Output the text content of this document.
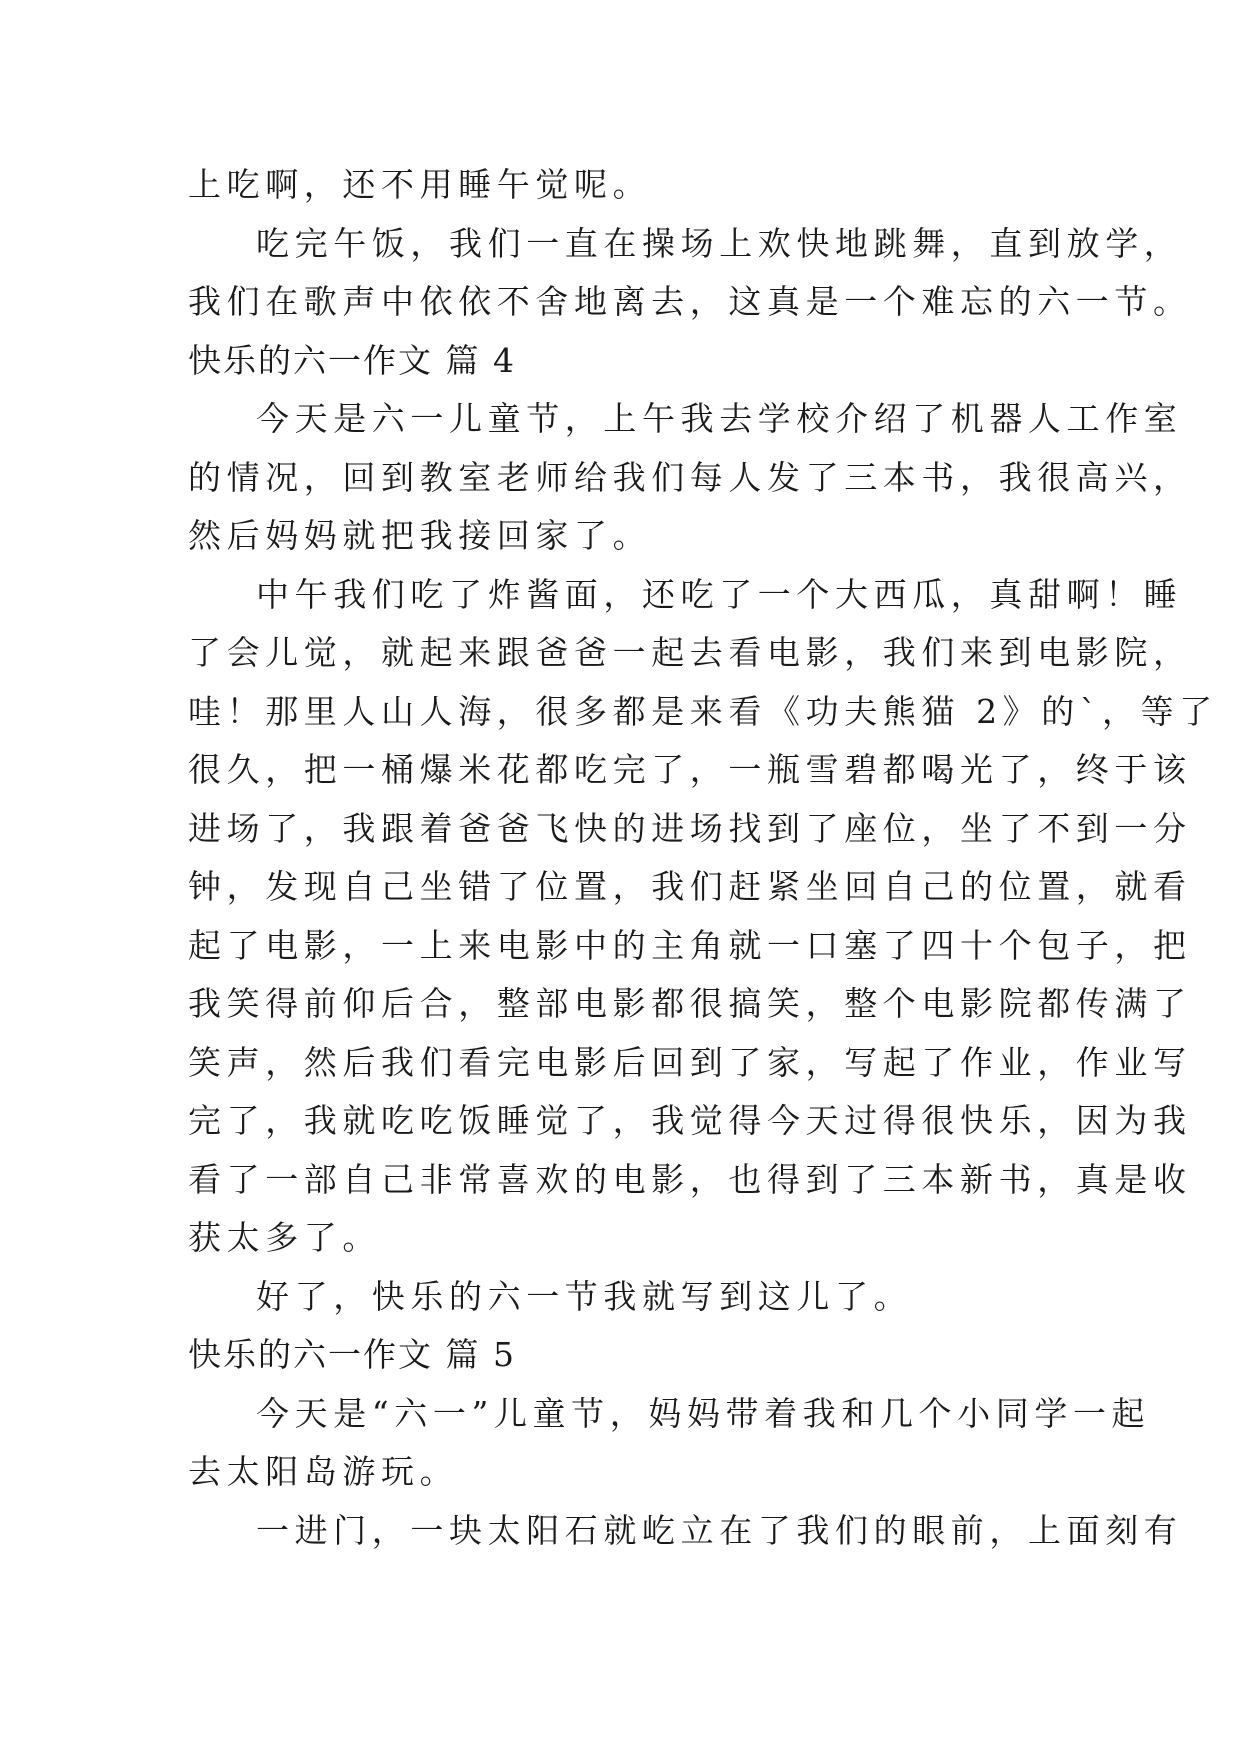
上吃啊，还不用睡午觉呢。
吃完午饭，我们一直在操场上欢快地跳舞，直到放学，
我们在歌声中依依不舍地离去，这真是一个难忘的六一节。
快乐的六一作文 篇 4
今天是六一儿童节，上午我去学校介绍了机器人工作室
的情况，回到教室老师给我们每人发了三本书，我很高兴，
然后妈妈就把我接回家了。
中午我们吃了炸酱面，还吃了一个大西瓜，真甜啊！睡
了会儿觉，就起来跟爸爸一起去看电影，我们来到电影院，
哇！那里人山人海，很多都是来看《功夫熊猫 2》的`，等了
很久，把一桶爆米花都吃完了，一瓶雪碧都喝光了，终于该
进场了，我跟着爸爸飞快的进场找到了座位，坐了不到一分
钟，发现自己坐错了位置，我们赶紧坐回自己的位置，就看
起了电影，一上来电影中的主角就一口塞了四十个包子，把
我笑得前仰后合，整部电影都很搞笑，整个电影院都传满了
笑声，然后我们看完电影后回到了家，写起了作业，作业写
完了，我就吃吃饭睡觉了，我觉得今天过得很快乐，因为我
看了一部自己非常喜欢的电影，也得到了三本新书，真是收
获太多了。
好了，快乐的六一节我就写到这儿了。
快乐的六一作文 篇 5
今天是“六一”儿童节，妈妈带着我和几个小同学一起
去太阳岛游玩。
一进门，一块太阳石就屹立在了我们的眼前，上面刻有
